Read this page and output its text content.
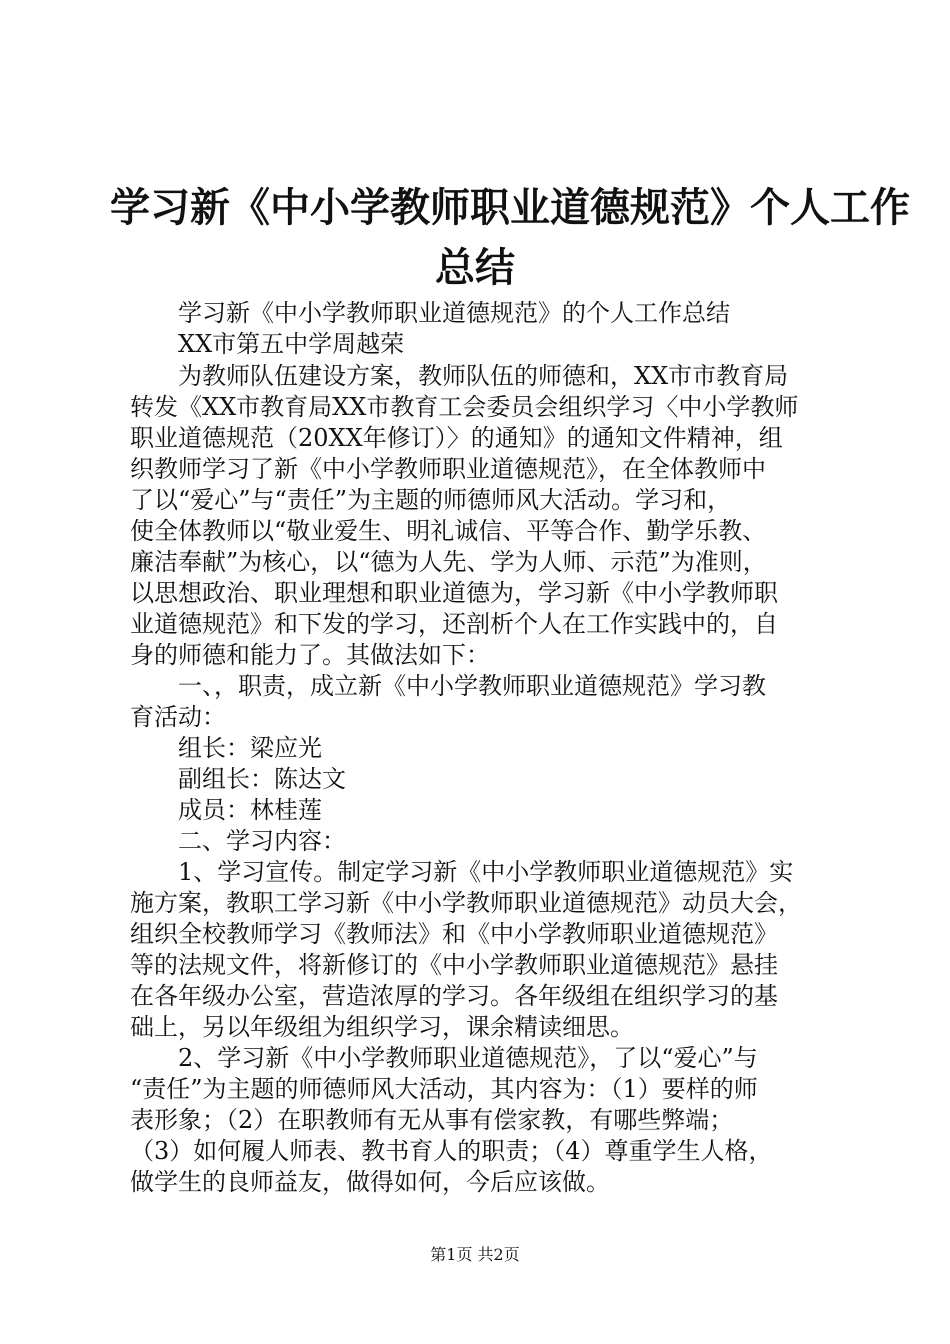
学习新《中小学教师职业道德规范》个人工作
总结
学习新《中小学教师职业道德规范》的个人工作总结
XX市第五中学周越荣
为教师队伍建设方案，教师队伍的师德和，XX市市教育局
转发《XX市教育局XX市教育工会委员会组织学习〈中小学教师
职业道德规范（20XX年修订）〉的通知》的通知文件精神，组
织教师学习了新《中小学教师职业道德规范》，在全体教师中
了以“爱心”与“责任”为主题的师德师风大活动。学习和，
使全体教师以“敬业爱生、明礼诚信、平等合作、勤学乐教、
廉洁奉献”为核心，以“德为人先、学为人师、示范”为准则，
以思想政治、职业理想和职业道德为，学习新《中小学教师职
业道德规范》和下发的学习，还剖析个人在工作实践中的，自
身的师德和能力了。其做法如下：
一、，职责，成立新《中小学教师职业道德规范》学习教
育活动：
组长：梁应光
副组长：陈达文
成员：林桂莲
二、学习内容：
1、学习宣传。制定学习新《中小学教师职业道德规范》实
施方案，教职工学习新《中小学教师职业道德规范》动员大会，
组织全校教师学习《教师法》和《中小学教师职业道德规范》
等的法规文件，将新修订的《中小学教师职业道德规范》悬挂
在各年级办公室，营造浓厚的学习。各年级组在组织学习的基
础上，另以年级组为组织学习，课余精读细思。
2、学习新《中小学教师职业道德规范》，了以“爱心”与
“责任”为主题的师德师风大活动，其内容为：（1）要样的师
表形象；（2）在职教师有无从事有偿家教，有哪些弊端；
（3）如何履人师表、教书育人的职责；（4）尊重学生人格，
做学生的良师益友，做得如何，今后应该做。
第1页 共2页
